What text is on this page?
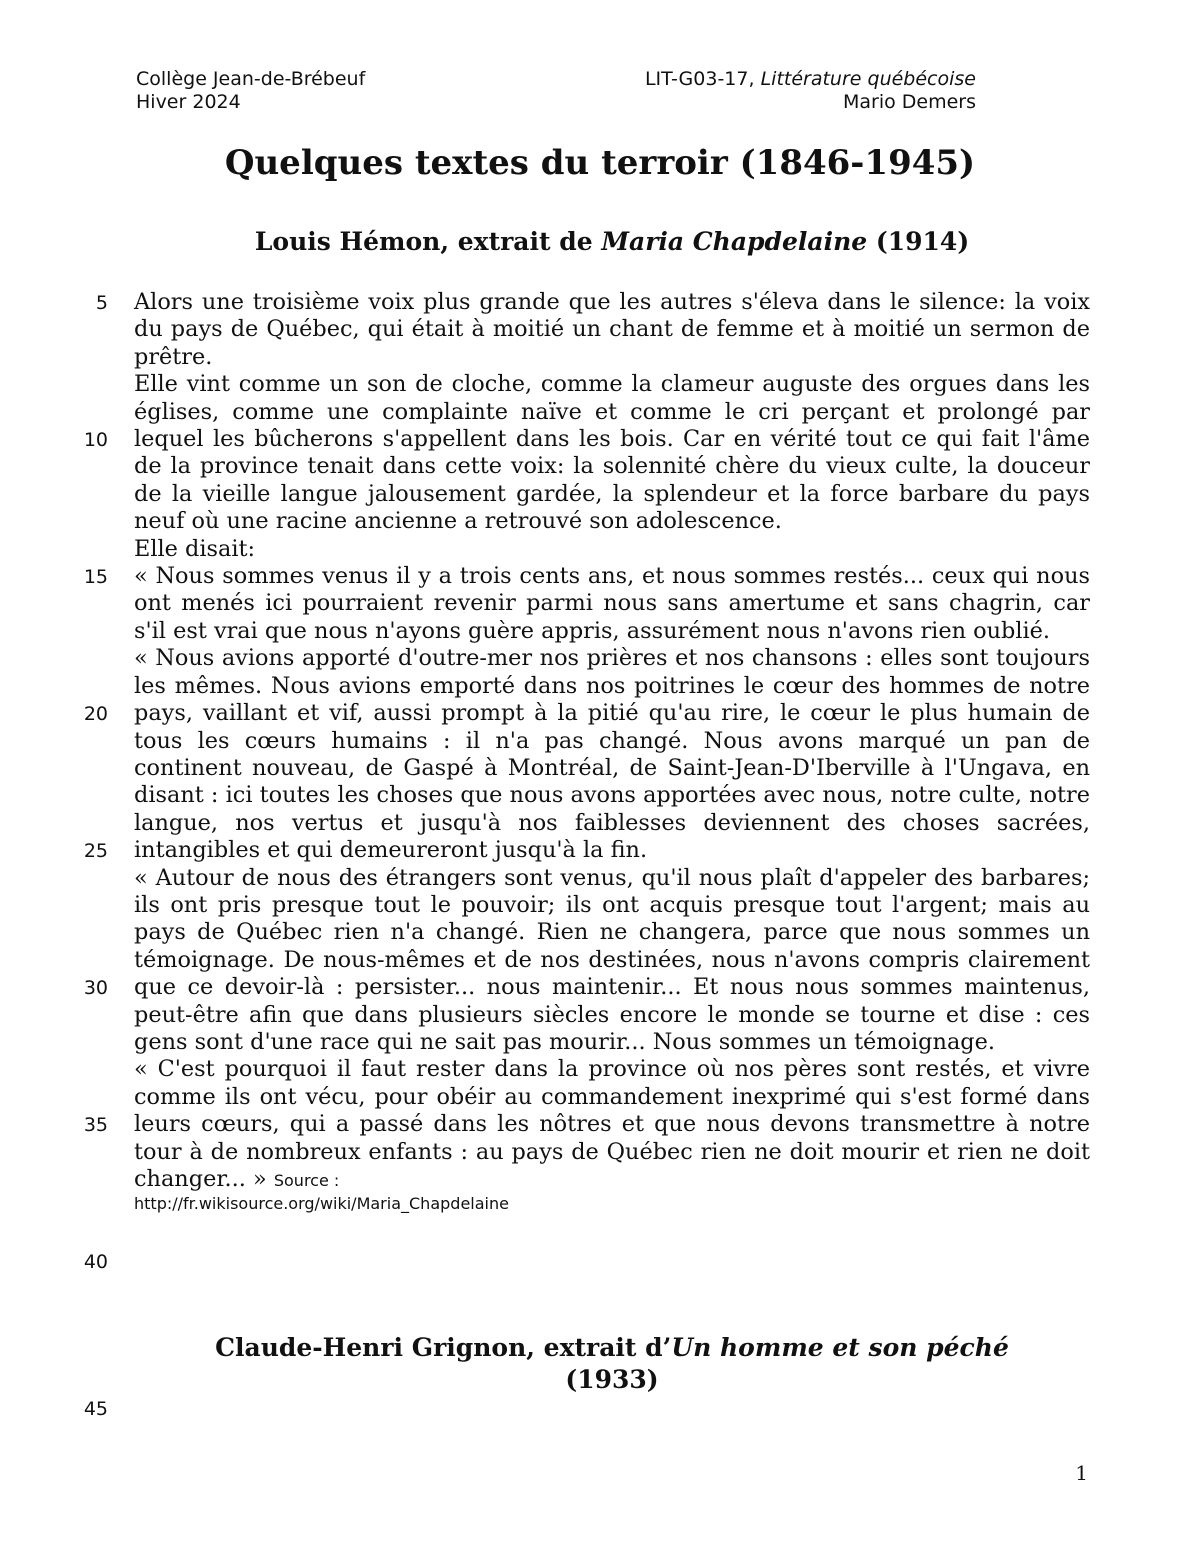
Collège Jean-de-Brébeuf
Hiver 2024
LIT-G03-17, Littérature québécoise
Mario Demers
Quelques textes du terroir (1846-1945)
Louis Hémon, extrait de Maria Chapdelaine (1914)
5
10
15
20
25
30
35
40
45

Alors une troisième voix plus grande que les autres s'éleva dans le silence: la voix du pays de Québec, qui était à moitié un chant de femme et à moitié un sermon de prêtre.

Elle vint comme un son de cloche, comme la clameur auguste des orgues dans les églises, comme une complainte naïve et comme le cri perçant et prolongé par lequel les bûcherons s'appellent dans les bois. Car en vérité tout ce qui fait l'âme de la province tenait dans cette voix: la solennité chère du vieux culte, la douceur de la vieille langue jalousement gardée, la splendeur et la force barbare du pays neuf où une racine ancienne a retrouvé son adolescence.

Elle disait:

« Nous sommes venus il y a trois cents ans, et nous sommes restés... ceux qui nous ont menés ici pourraient revenir parmi nous sans amertume et sans chagrin, car s'il est vrai que nous n'ayons guère appris, assurément nous n'avons rien oublié.

« Nous avions apporté d'outre-mer nos prières et nos chansons : elles sont toujours les mêmes. Nous avions emporté dans nos poitrines le cœur des hommes de notre pays, vaillant et vif, aussi prompt à la pitié qu'au rire, le cœur le plus humain de tous les cœurs humains : il n'a pas changé. Nous avons marqué un pan de continent nouveau, de Gaspé à Montréal, de Saint-Jean-D'Iberville à l'Ungava, en disant : ici toutes les choses que nous avons apportées avec nous, notre culte, notre langue, nos vertus et jusqu'à nos faiblesses deviennent des choses sacrées, intangibles et qui demeureront jusqu'à la fin.

« Autour de nous des étrangers sont venus, qu'il nous plaît d'appeler des barbares; ils ont pris presque tout le pouvoir; ils ont acquis presque tout l'argent; mais au pays de Québec rien n'a changé. Rien ne changera, parce que nous sommes un témoignage. De nous-mêmes et de nos destinées, nous n'avons compris clairement que ce devoir-là : persister... nous maintenir... Et nous nous sommes maintenus, peut-être afin que dans plusieurs siècles encore le monde se tourne et dise : ces gens sont d'une race qui ne sait pas mourir... Nous sommes un témoignage.

« C'est pourquoi il faut rester dans la province où nos pères sont restés, et vivre comme ils ont vécu, pour obéir au commandement inexprimé qui s'est formé dans leurs cœurs, qui a passé dans les nôtres et que nous devons transmettre à notre tour à de nombreux enfants : au pays de Québec rien ne doit mourir et rien ne doit changer... » Source :

http://fr.wikisource.org/wiki/Maria_Chapdelaine

Claude-Henri Grignon, extrait d’Un homme et son péché
(1933)
1
